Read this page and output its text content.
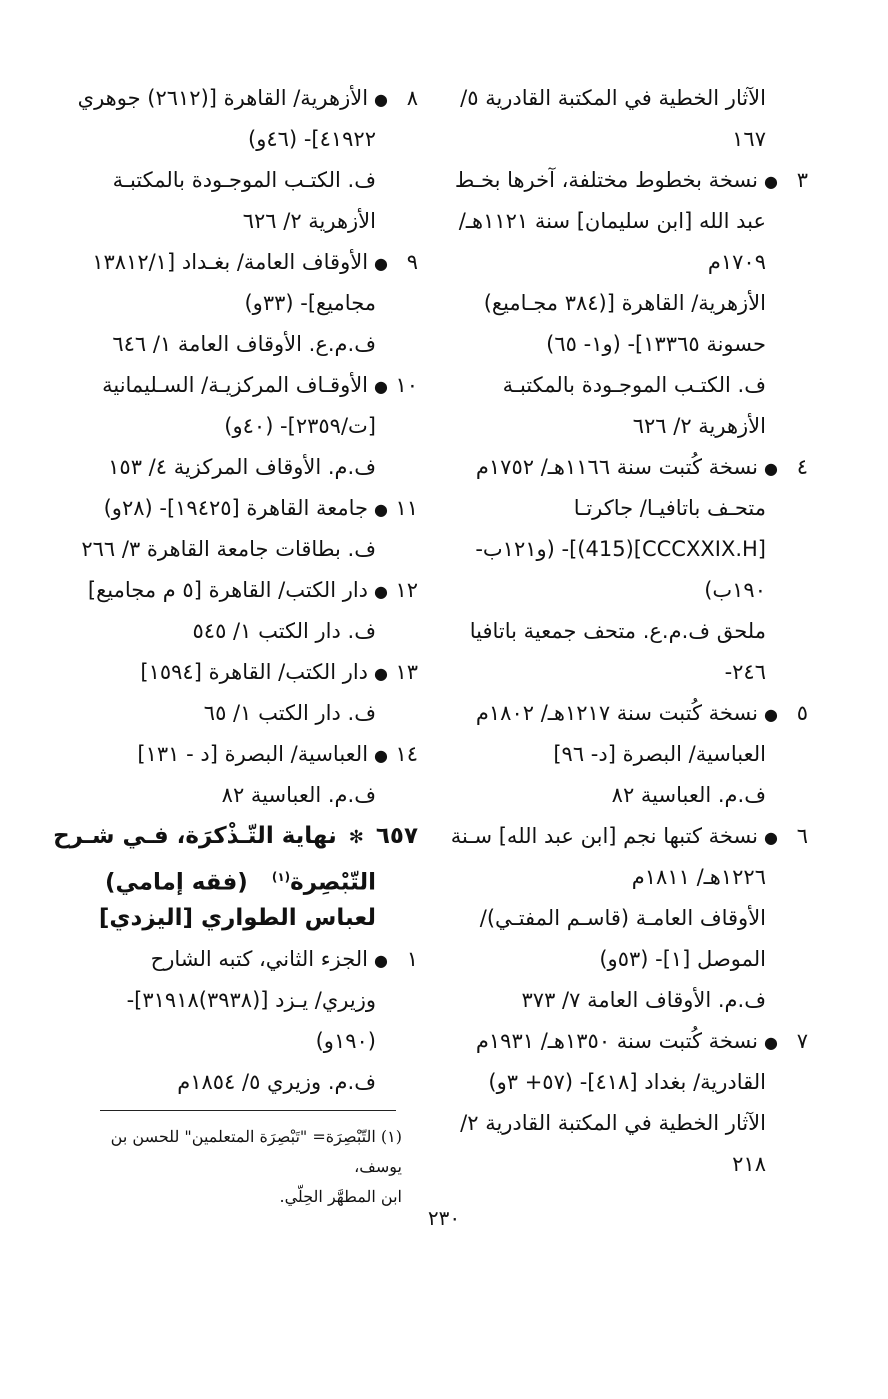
الآثار الخطية في المكتبة القادرية ٥/
١٦٧
٣●نسخة بخطوط مختلفة، آخرها بخـط
عبد الله [ابن سليمان] سنة ١١٢١هـ/
١٧٠٩م
الأزهرية/ القاهرة [(٣٨٤ مجـاميع)
حسونة ١٣٣٦٥]- (و١- ٦٥)
ف. الكتـب الموجـودة بالمكتبـة
الأزهرية ٢/ ٦٢٦
٤●نسخة كُتبت سنة ١١٦٦هـ/ ١٧٥٢م
متحـف باتافيـا/ جاكرتـا
[CCCXXIX.H](415)]- (و١٢١ب-
١٩٠ب)
ملحق ف.م.ع. متحف جمعية باتافيا
٢٤٦-
٥●نسخة كُتبت سنة ١٢١٧هـ/ ١٨٠٢م
العباسية/ البصرة [د- ٩٦]
ف.م. العباسية ٨٢
٦●نسخة كتبها نجم [ابن عبد الله] سـنة
١٢٢٦هـ/ ١٨١١م
الأوقاف العامـة (قاسـم المفتـي)/
الموصل [١]- (٥٣و)
ف.م. الأوقاف العامة ٧/ ٣٧٣
٧●نسخة كُتبت سنة ١٣٥٠هـ/ ١٩٣١م
القادرية/ بغداد [٤١٨]- (٥٧+ ٣و)
الآثار الخطية في المكتبة القادرية ٢/
٢١٨
٨●الأزهرية/ القاهرة [(٢٦١٢) جوهري
٤١٩٢٢]- (٤٦و)
ف. الكتـب الموجـودة بالمكتبـة
الأزهرية ٢/ ٦٢٦
٩●الأوقاف العامة/ بغـداد [١٣٨١٢/١
مجاميع]- (٣٣و)
ف.م.ع. الأوقاف العامة ١/ ٦٤٦
١٠●الأوقـاف المركزيـة/ السـليمانية
[ت/٢٣٥٩]- (٤٠و)
ف.م. الأوقاف المركزية ٤/ ١٥٣
١١●جامعة القاهرة [١٩٤٢٥]- (٢٨و)
ف. بطاقات جامعة القاهرة ٣/ ٢٦٦
١٢●دار الكتب/ القاهرة [٥ م مجاميع]
ف. دار الكتب ١/ ٥٤٥
١٣●دار الكتب/ القاهرة [١٥٩٤]
ف. دار الكتب ١/ ٦٥
١٤●العباسية/ البصرة [د - ١٣١]
ف.م. العباسية ٨٢
٦٥٧ ✻ نهاية التّـذْكرَة، فـي شـرح
التّبْصِرة$^{(١)}$   (فقه إمامي)
لعباس الطواري [اليزدي]
١●الجزء الثاني، كتبه الشارح
وزيري/ يـزد [(٣٩٣٨)٣١٩١٨]-
(١٩٠و)
ف.م. وزيري ٥/ ١٨٥٤م
(١) التّبْصِرَة= "تَبْصِرَة المتعلمين" للحسن بن يوسف،
ابن المطهَّر الحِلّي.
٢٣٠
